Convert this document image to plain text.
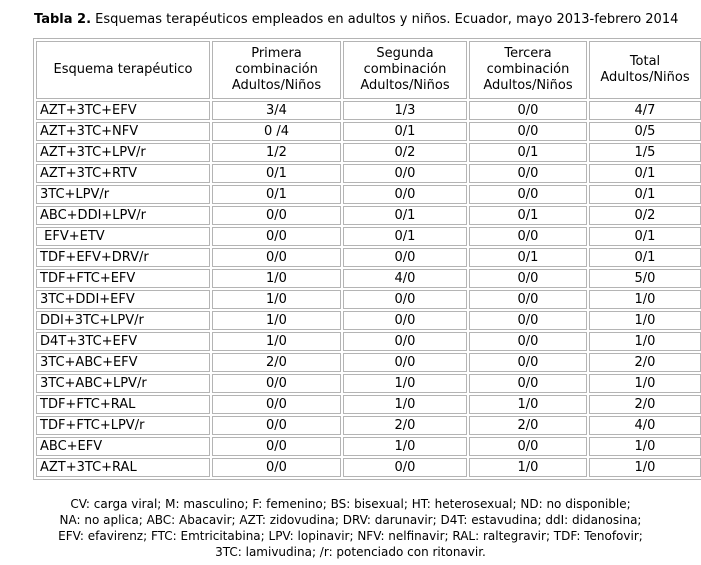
Tabla 2. Esquemas terapéuticos empleados en adultos y niños. Ecuador, mayo 2013-febrero 2014
Esquema terapéutico	Primera
combinación
Adultos/Niños	Segunda
combinación
Adultos/Niños	Tercera
combinación
Adultos/Niños	Total
Adultos/Niños
AZT+3TC+EFV	3/4	1/3	0/0	4/7
AZT+3TC+NFV	0 /4	0/1	0/0	0/5
AZT+3TC+LPV/r	1/2	0/2	0/1	1/5
AZT+3TC+RTV	0/1	0/0	0/0	0/1
3TC+LPV/r	0/1	0/0	0/0	0/1
ABC+DDI+LPV/r	0/0	0/1	0/1	0/2
EFV+ETV	0/0	0/1	0/0	0/1
TDF+EFV+DRV/r	0/0	0/0	0/1	0/1
TDF+FTC+EFV	1/0	4/0	0/0	5/0
3TC+DDI+EFV	1/0	0/0	0/0	1/0
DDI+3TC+LPV/r	1/0	0/0	0/0	1/0
D4T+3TC+EFV	1/0	0/0	0/0	1/0
3TC+ABC+EFV	2/0	0/0	0/0	2/0
3TC+ABC+LPV/r	0/0	1/0	0/0	1/0
TDF+FTC+RAL	0/0	1/0	1/0	2/0
TDF+FTC+LPV/r	0/0	2/0	2/0	4/0
ABC+EFV	0/0	1/0	0/0	1/0
AZT+3TC+RAL	0/0	0/0	1/0	1/0
CV: carga viral; M: masculino; F: femenino; BS: bisexual; HT: heterosexual; ND: no disponible;
NA: no aplica; ABC: Abacavir; AZT: zidovudina; DRV: darunavir; D4T: estavudina; ddI: didanosina;
EFV: efavirenz; FTC: Emtricitabina; LPV: lopinavir; NFV: nelfinavir; RAL: raltegravir; TDF: Tenofovir;
3TC: lamivudina; /r: potenciado con ritonavir.
